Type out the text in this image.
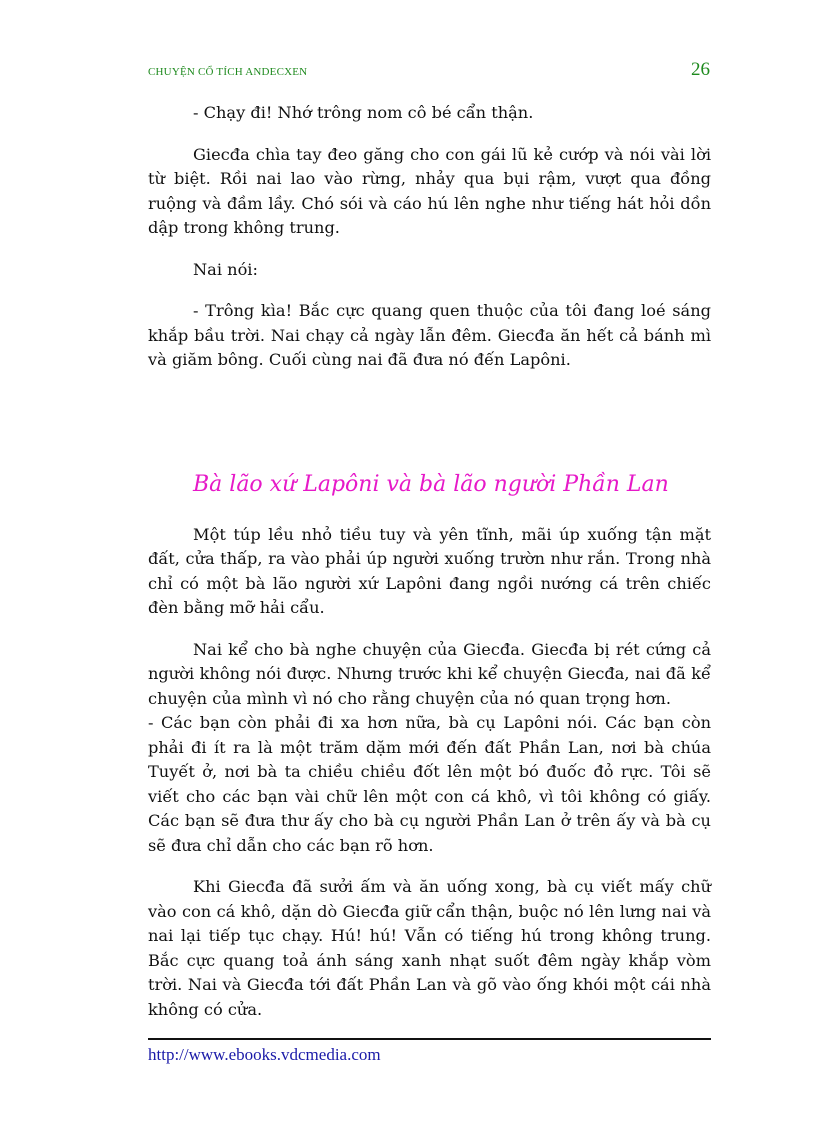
CHUYỆN CỔ TÍCH ANDECXEN	26

- Chạy đi! Nhớ trông nom cô bé cẩn thận.

Giecđa chìa tay đeo găng cho con gái lũ kẻ cướp và nói vài lời từ biệt. Rồi nai lao vào rừng, nhảy qua bụi rậm, vượt qua đồng ruộng và đầm lầy. Chó sói và cáo hú lên nghe như tiếng hát hỏi dồn dập trong không trung.

Nai nói:

- Trông kìa! Bắc cực quang quen thuộc của tôi đang loé sáng khắp bầu trời. Nai chạy cả ngày lẫn đêm. Giecđa ăn hết cả bánh mì và giăm bông. Cuối cùng nai đã đưa nó đến Lapôni.

Bà lão xứ Lapôni và bà lão người Phần Lan

Một túp lều nhỏ tiều tuy và yên tĩnh, mãi úp xuống tận mặt đất, cửa thấp, ra vào phải úp người xuống trườn như rắn. Trong nhà chỉ có một bà lão người xứ Lapôni đang ngồi nướng cá trên chiếc đèn bằng mỡ hải cẩu.

Nai kể cho bà nghe chuyện của Giecđa. Giecđa bị rét cứng cả người không nói được. Nhưng trước khi kể chuyện Giecđa, nai đã kể chuyện của mình vì nó cho rằng chuyện của nó quan trọng hơn.

- Các bạn còn phải đi xa hơn nữa, bà cụ Lapôni nói. Các bạn còn phải đi ít ra là một trăm dặm mới đến đất Phần Lan, nơi bà chúa Tuyết ở, nơi bà ta chiều chiều đốt lên một bó đuốc đỏ rực. Tôi sẽ viết cho các bạn vài chữ lên một con cá khô, vì tôi không có giấy. Các bạn sẽ đưa thư ấy cho bà cụ người Phần Lan ở trên ấy và bà cụ sẽ đưa chỉ dẫn cho các bạn rõ hơn.

Khi Giecđa đã sưởi ấm và ăn uống xong, bà cụ viết mấy chữ vào con cá khô, dặn dò Giecđa giữ cẩn thận, buộc nó lên lưng nai và nai lại tiếp tục chạy. Hú! hú! Vẫn có tiếng hú trong không trung. Bắc cực quang toả ánh sáng xanh nhạt suốt đêm ngày khắp vòm trời. Nai và Giecđa tới đất Phần Lan và gõ vào ống khói một cái nhà không có cửa.

http://www.ebooks.vdcmedia.com
